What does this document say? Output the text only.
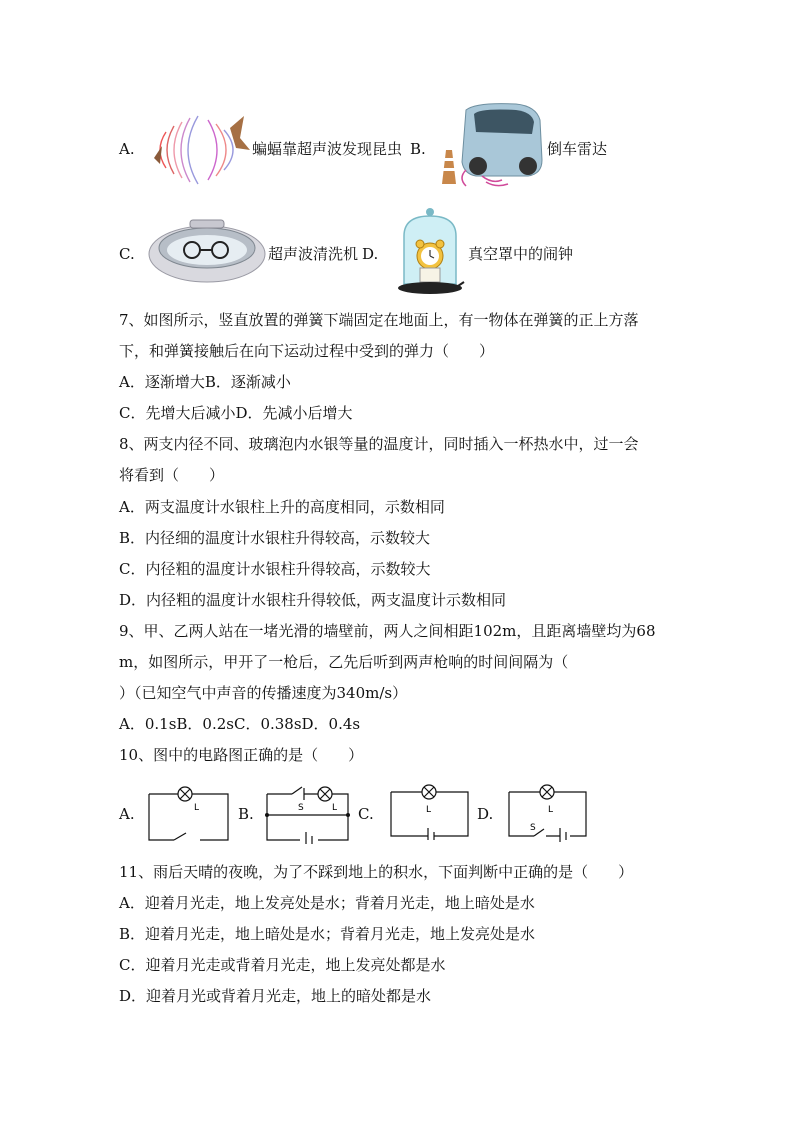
A.	蝙蝠靠超声波发现昆虫 B.	倒车雷达
C.	超声波清洗机 D.	真空罩中的闹钟
7、如图所示，竖直放置的弹簧下端固定在地面上，有一物体在弹簧的正上方落
下，和弹簧接触后在向下运动过程中受到的弹力（　　）
A．逐渐增大B．逐渐减小
C．先增大后减小D．先减小后增大
8、两支内径不同、玻璃泡内水银等量的温度计，同时插入一杯热水中，过一会
将看到（　　）
A．两支温度计水银柱上升的高度相同，示数相同
B．内径细的温度计水银柱升得较高，示数较大
C．内径粗的温度计水银柱升得较高，示数较大
D．内径粗的温度计水银柱升得较低，两支温度计示数相同
9、甲、乙两人站在一堵光滑的墙壁前，两人之间相距102m，且距离墙壁均为68
m，如图所示，甲开了一枪后，乙先后听到两声枪响的时间间隔为（
）（已知空气中声音的传播速度为340m/s）
A．0.1sB．0.2sC．0.38sD．0.4s
10、图中的电路图正确的是（　　）
A.	L	B.	S	L C.	L	D.	L
S
11、雨后天晴的夜晚，为了不踩到地上的积水，下面判断中正确的是（　　）
A．迎着月光走，地上发亮处是水；背着月光走，地上暗处是水
B．迎着月光走，地上暗处是水；背着月光走，地上发亮处是水
C．迎着月光走或背着月光走，地上发亮处都是水
D．迎着月光或背着月光走，地上的暗处都是水
